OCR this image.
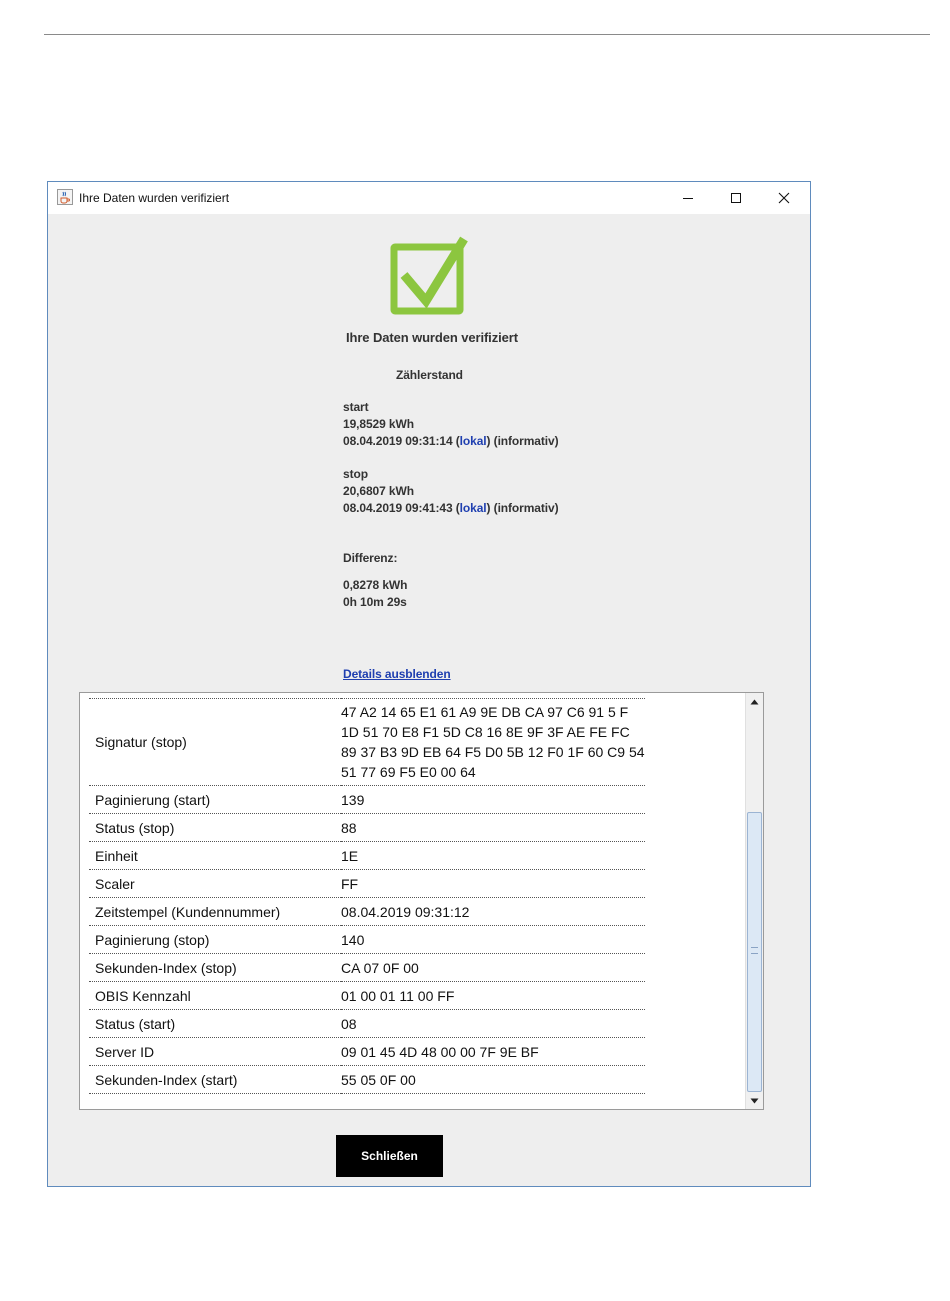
Ihre Daten wurden verifiziert
Ihre Daten wurden verifiziert
Zählerstand
start
19,8529 kWh
08.04.2019 09:31:14 (lokal) (informativ)
stop
20,6807 kWh
08.04.2019 09:41:43 (lokal) (informativ)
Differenz:
0,8278 kWh
0h 10m 29s
Details ausblenden
Signatur (stop)	47 A2 14 65 E1 61 A9 9E DB CA 97 C6 91 5 F 1D 51 70 E8 F1 5D C8 16 8E 9F 3F AE FE FC 89 37 B3 9D EB 64 F5 D0 5B 12 F0 1F 60 C9 54 51 77 69 F5 E0 00 64
Paginierung (start)	139
Status (stop)	88
Einheit	1E
Scaler	FF
Zeitstempel (Kundennummer)	08.04.2019 09:31:12
Paginierung (stop)	140
Sekunden-Index (stop)	CA 07 0F 00
OBIS Kennzahl	01 00 01 11 00 FF
Status (start)	08
Server ID	09 01 45 4D 48 00 00 7F 9E BF
Sekunden-Index (start)	55 05 0F 00
Schließen
